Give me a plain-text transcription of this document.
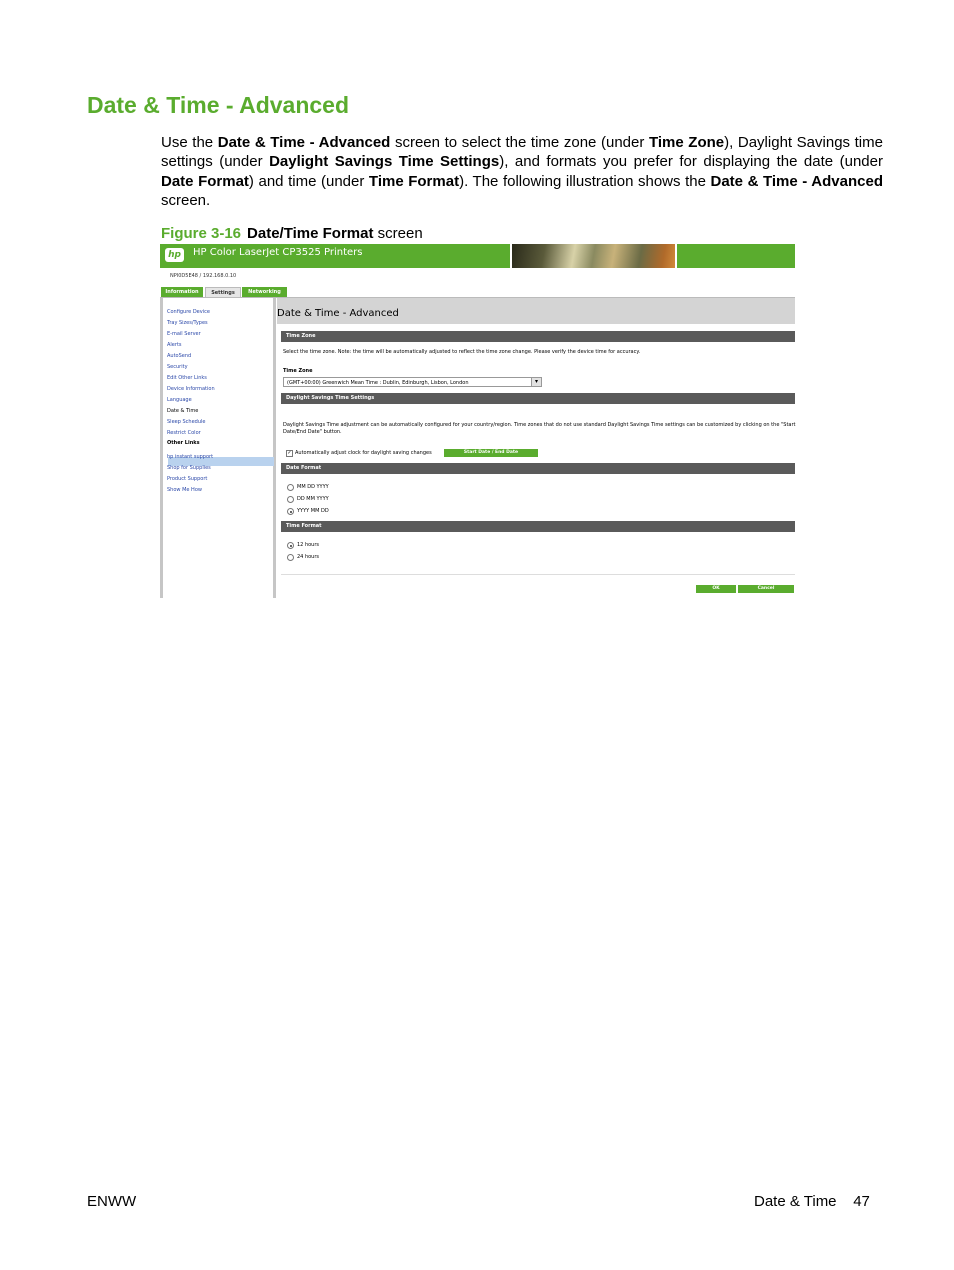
Date & Time - Advanced

Use the Date & Time - Advanced screen to select the time zone (under Time Zone), Daylight Savings time settings (under Daylight Savings Time Settings), and formats you prefer for displaying the date (under Date Format) and time (under Time Format). The following illustration shows the Date & Time - Advanced screen.

Figure 3-16 Date/Time Format screen
hp	HP Color LaserJet CP3525 Printers
NPI0D5E48 / 192.168.0.10
Information	Settings	Networking
Configure Device
Tray Sizes/Types
E-mail Server
Alerts
AutoSend
Security
Edit Other Links
Device Information
Language
Date & Time
Sleep Schedule
Restrict Color
Other Links
hp instant support
Shop for Supplies
Product Support
Show Me How
Date & Time - Advanced
Time Zone
Select the time zone. Note: the time will be automatically adjusted to reflect the time zone change. Please verify the device time for accuracy.
Time Zone
(GMT+00:00) Greenwich Mean Time : Dublin, Edinburgh, Lisbon, London	▾
Daylight Savings Time Settings
Daylight Savings Time adjustment can be automatically configured for your country/region. Time zones that do not use standard Daylight Savings Time settings can be customized by clicking on the "Start
Date/End Date" button.
✓ Automatically adjust clock for daylight saving changes	Start Date / End Date
Date Format
MM DD YYYY
DD MM YYYY
YYYY MM DD
Time Format
12 hours
24 hours
OK	Cancel
ENWW	Date & Time 47
